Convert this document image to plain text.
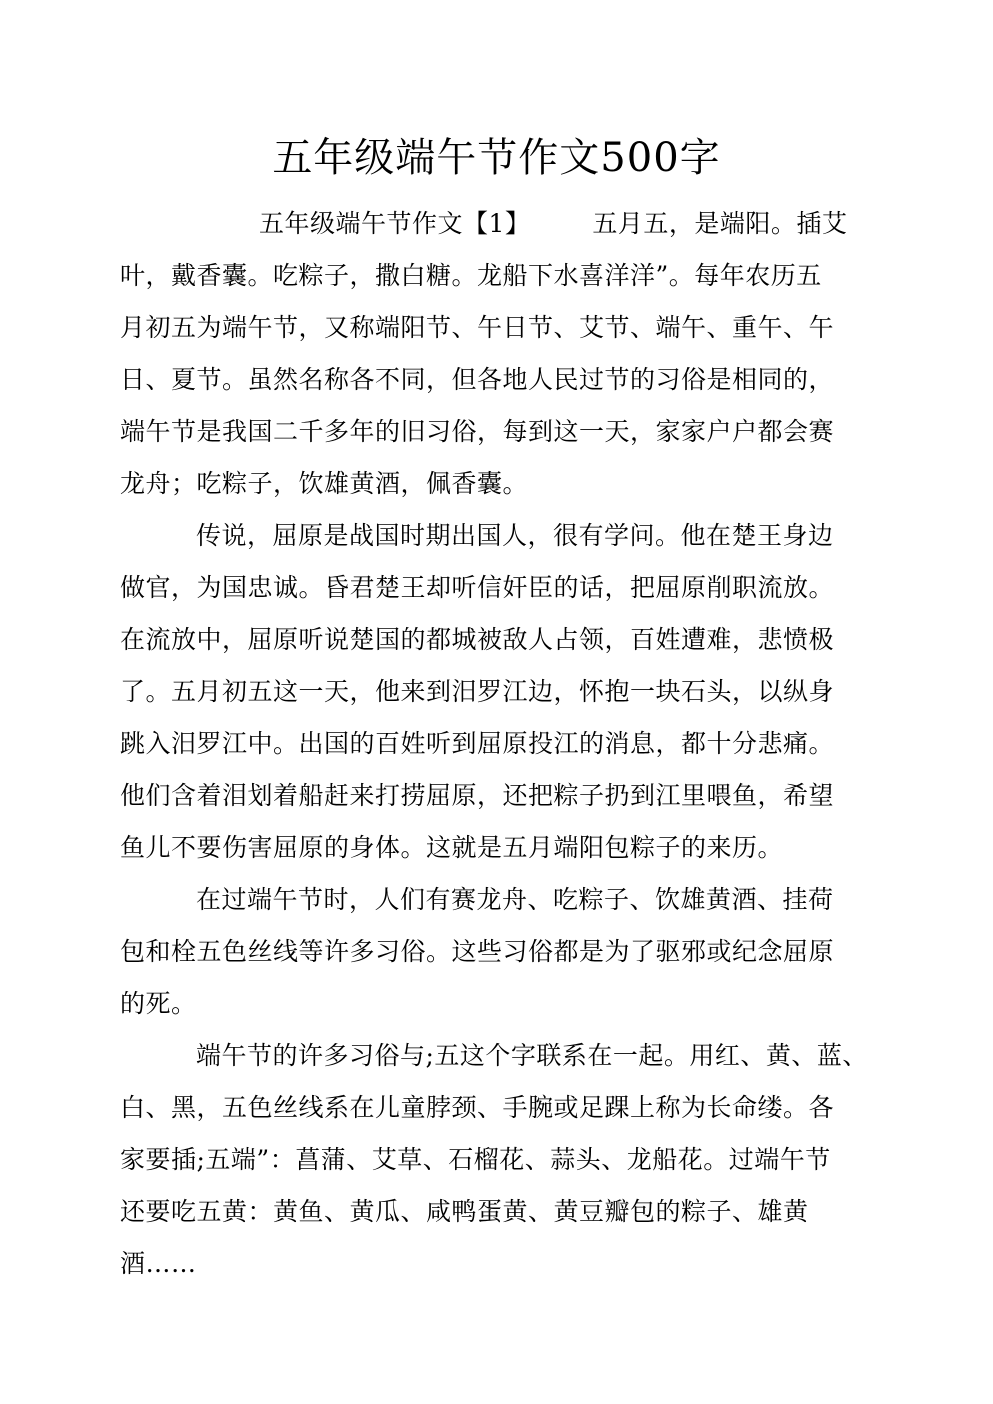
五年级端午节作文500字
五年级端午节作文【1】 五月五，是端阳。插艾
叶，戴香囊。吃粽子，撒白糖。龙船下水喜洋洋”。每年农历五
月初五为端午节，又称端阳节、午日节、艾节、端午、重午、午
日、夏节。虽然名称各不同，但各地人民过节的习俗是相同的，
端午节是我国二千多年的旧习俗，每到这一天，家家户户都会赛
龙舟；吃粽子，饮雄黄酒，佩香囊。
传说，屈原是战国时期出国人，很有学问。他在楚王身边
做官，为国忠诚。昏君楚王却听信奸臣的话，把屈原削职流放。
在流放中，屈原听说楚国的都城被敌人占领，百姓遭难，悲愤极
了。五月初五这一天，他来到汨罗江边，怀抱一块石头，以纵身
跳入汨罗江中。出国的百姓听到屈原投江的消息，都十分悲痛。
他们含着泪划着船赶来打捞屈原，还把粽子扔到江里喂鱼，希望
鱼儿不要伤害屈原的身体。这就是五月端阳包粽子的来历。
在过端午节时，人们有赛龙舟、吃粽子、饮雄黄酒、挂荷
包和栓五色丝线等许多习俗。这些习俗都是为了驱邪或纪念屈原
的死。
端午节的许多习俗与;五这个字联系在一起。用红、黄、蓝、
白、黑，五色丝线系在儿童脖颈、手腕或足踝上称为长命缕。各
家要插;五端”：菖蒲、艾草、石榴花、蒜头、龙船花。过端午节
还要吃五黄：黄鱼、黄瓜、咸鸭蛋黄、黄豆瓣包的粽子、雄黄
酒……
